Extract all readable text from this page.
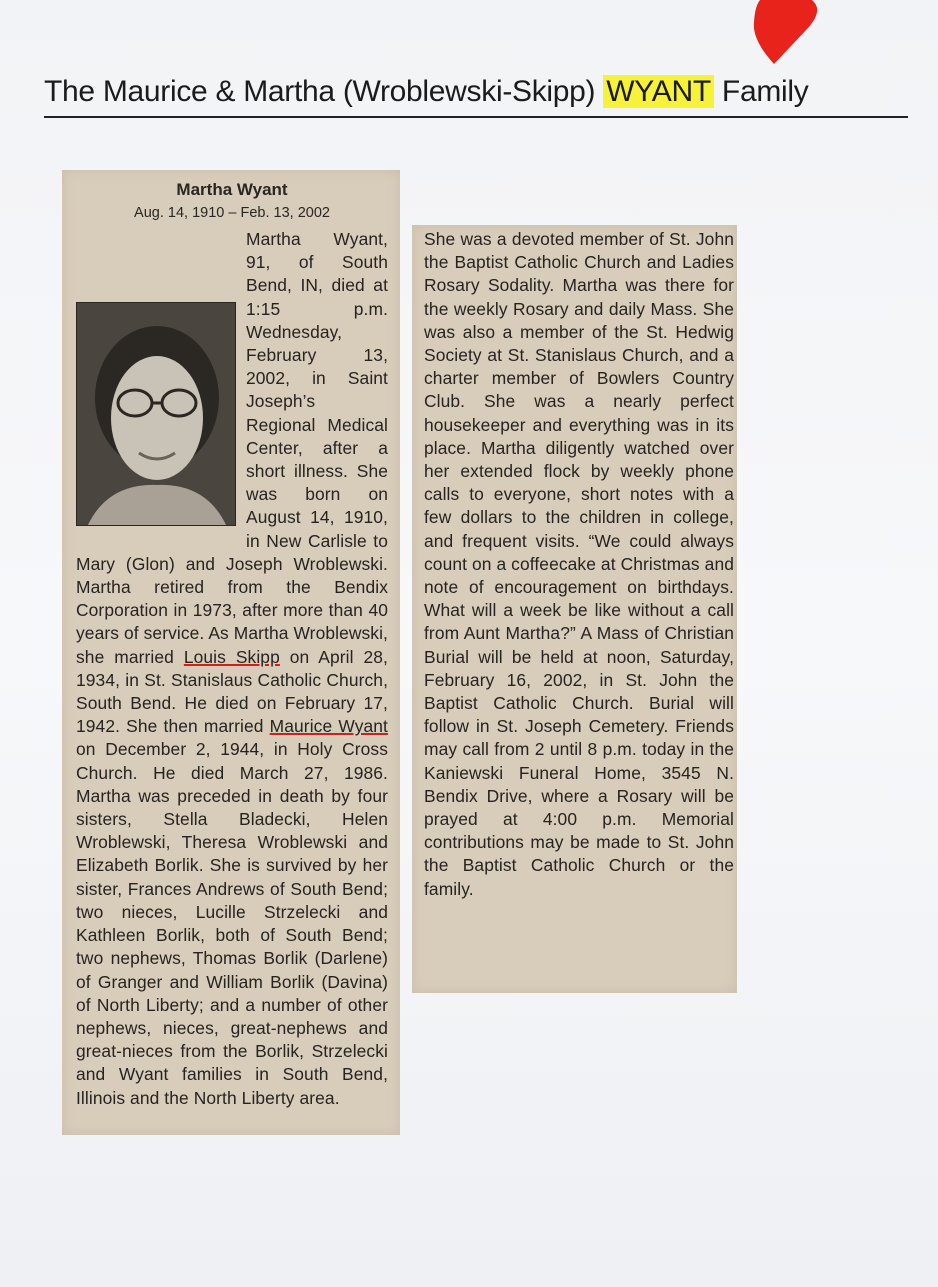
The Maurice & Martha (Wroblewski-Skipp) WYANT Family
Martha Wyant
Aug. 14, 1910 – Feb. 13, 2002
Martha Wyant, 91, of South Bend, IN, died at 1:15 p.m. Wednesday, February 13, 2002, in Saint Joseph’s Regional Medical Center, after a short illness. She was born on August 14, 1910, in New Carlisle to Mary (Glon) and Joseph Wroblewski. Martha retired from the Bendix Corporation in 1973, after more than 40 years of service. As Martha Wroblewski, she married Louis Skipp on April 28, 1934, in St. Stanislaus Catholic Church, South Bend. He died on February 17, 1942. She then married Maurice Wyant on December 2, 1944, in Holy Cross Church. He died March 27, 1986. Martha was preceded in death by four sisters, Stella Bladecki, Helen Wroblewski, Theresa Wroblewski and Elizabeth Borlik. She is survived by her sister, Frances Andrews of South Bend; two nieces, Lucille Strzelecki and Kathleen Borlik, both of South Bend; two nephews, Thomas Borlik (Darlene) of Granger and William Borlik (Davina) of North Liberty; and a number of other nephews, nieces, great-nephews and great-nieces from the Borlik, Strzelecki and Wyant families in South Bend, Illinois and the North Liberty area.
She was a devoted member of St. John the Baptist Catholic Church and Ladies Rosary Sodality. Martha was there for the weekly Rosary and daily Mass. She was also a member of the St. Hedwig Society at St. Stanislaus Church, and a charter member of Bowlers Country Club. She was a nearly perfect housekeeper and everything was in its place. Martha diligently watched over her extended flock by weekly phone calls to everyone, short notes with a few dollars to the children in college, and frequent visits. “We could always count on a coffeecake at Christmas and note of encouragement on birthdays. What will a week be like without a call from Aunt Martha?” A Mass of Christian Burial will be held at noon, Saturday, February 16, 2002, in St. John the Baptist Catholic Church. Burial will follow in St. Joseph Cemetery. Friends may call from 2 until 8 p.m. today in the Kaniewski Funeral Home, 3545 N. Bendix Drive, where a Rosary will be prayed at 4:00 p.m. Memorial contributions may be made to St. John the Baptist Catholic Church or the family.
